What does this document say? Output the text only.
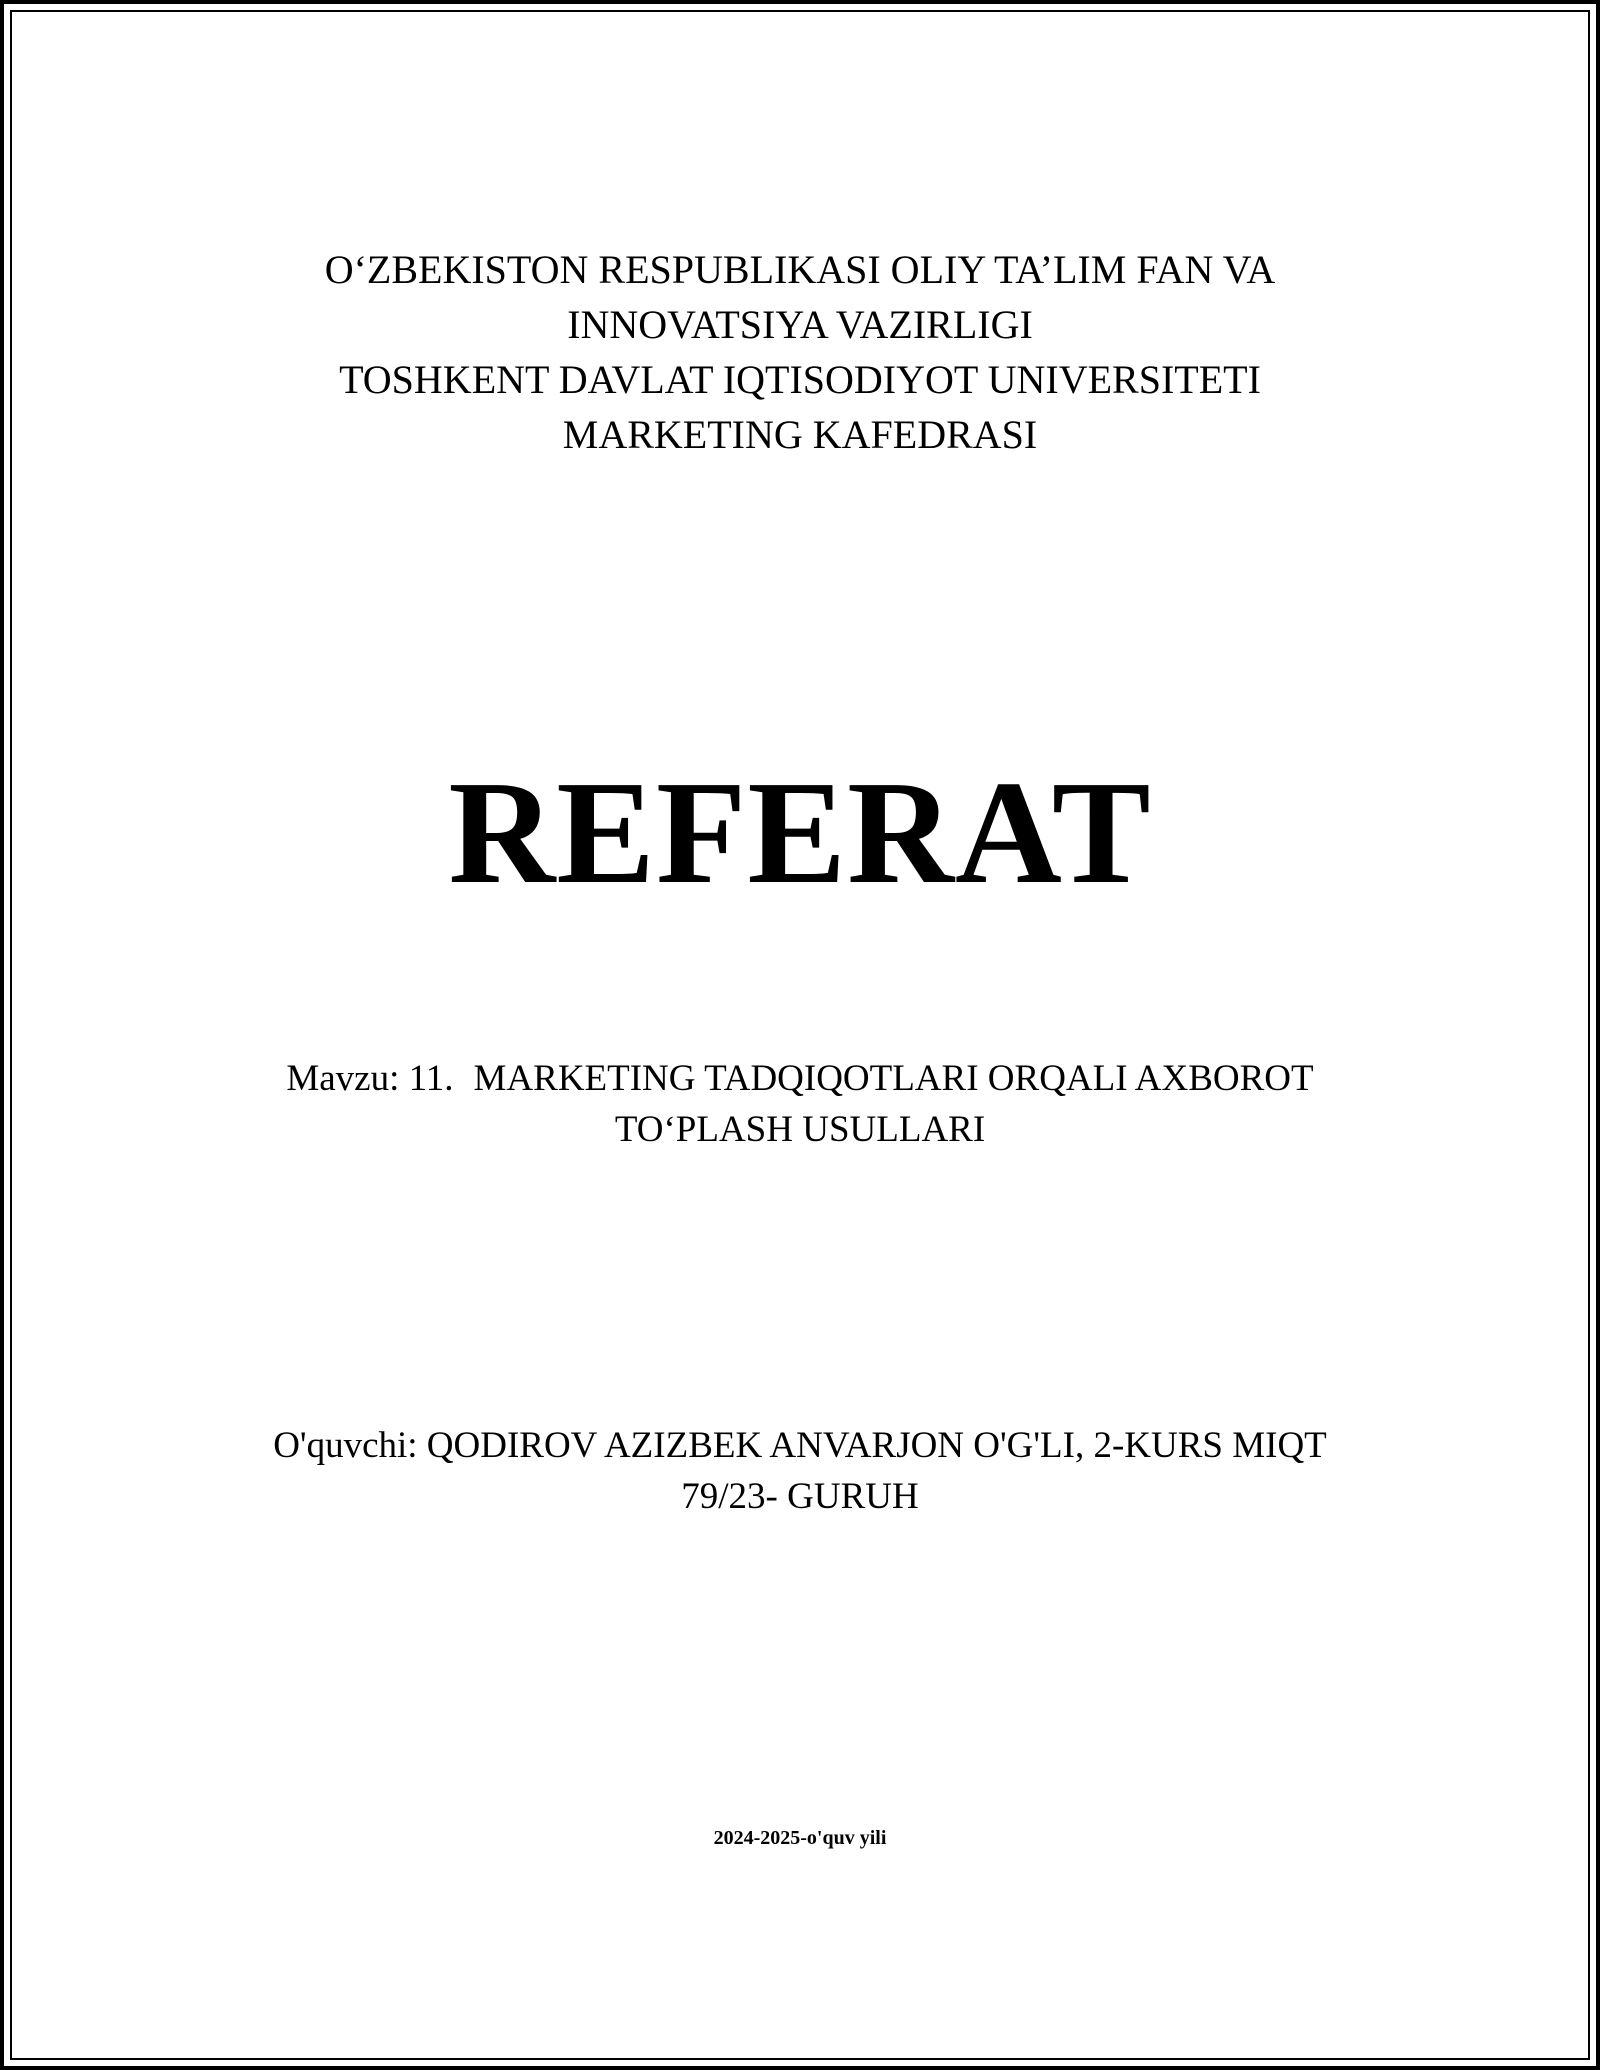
O‘ZBEKISTON RESPUBLIKASI OLIY TA’LIM FAN VA
INNOVATSIYA VAZIRLIGI
TOSHKENT DAVLAT IQTISODIYOT UNIVERSITETI
MARKETING KAFEDRASI
REFERAT
Mavzu: 11. MARKETING TADQIQOTLARI ORQALI AXBOROT
TO‘PLASH USULLARI
O'quvchi: QODIROV AZIZBEK ANVARJON O'G'LI, 2-KURS MIQT
79/23- GURUH
2024-2025-o'quv yili
